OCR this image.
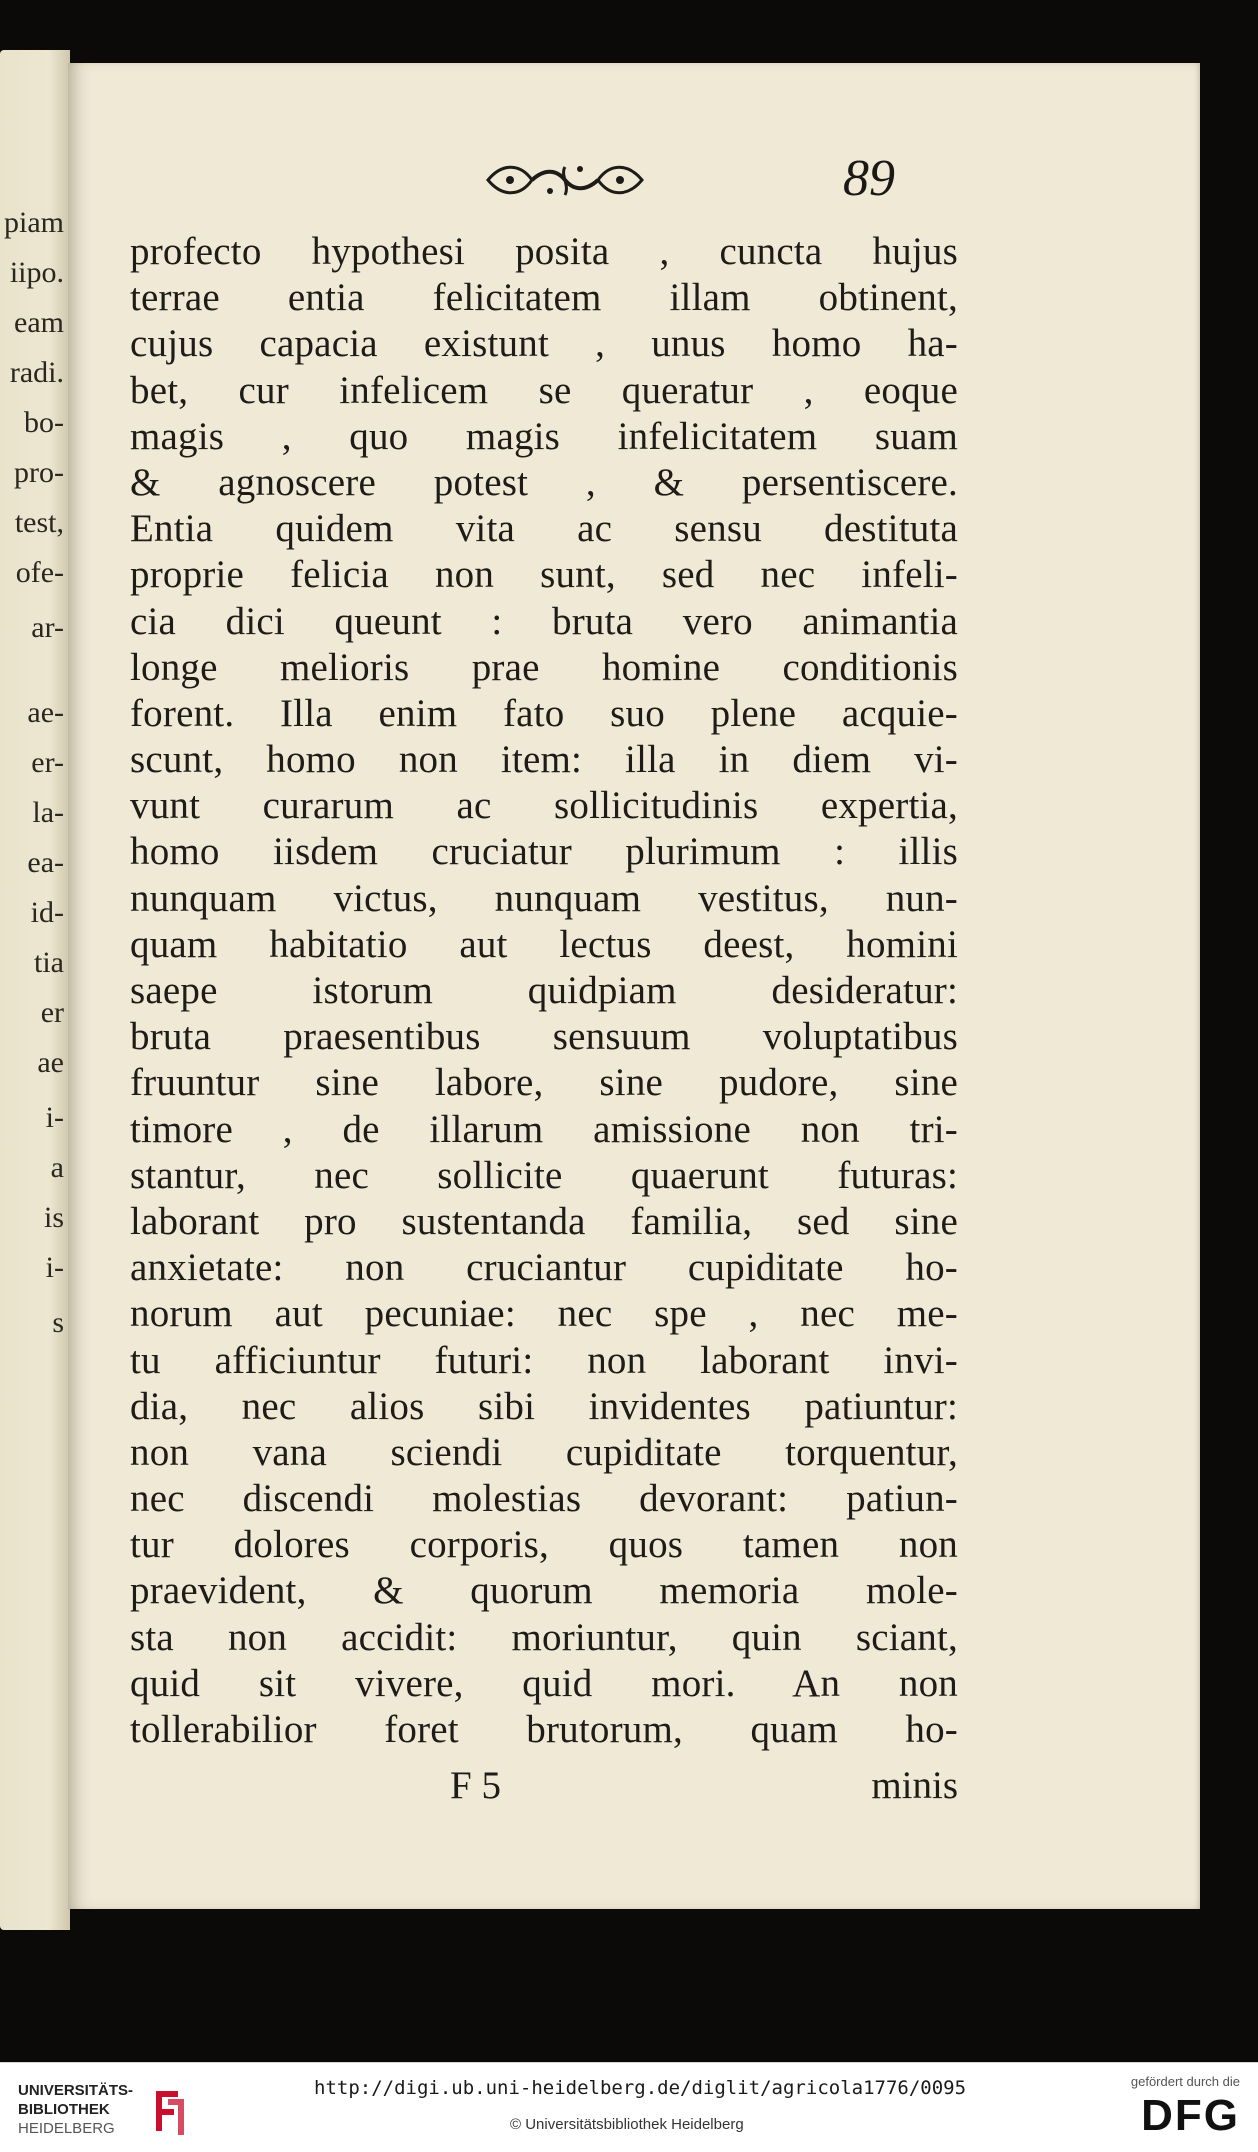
piam
iipo.
eam
radi.
bo-
pro-
test,
ofe-
ar-
ae-
er-
la-
ea-
id-
tia
er
ae
i-
a
is
i-
s
89
profecto hypothesi posita , cuncta hujus
terrae entia felicitatem illam obtinent,
cujus capacia existunt , unus homo ha-
bet, cur infelicem se queratur , eoque
magis , quo magis infelicitatem suam
& agnoscere potest , & persentiscere.
Entia quidem vita ac sensu destituta
proprie felicia non sunt, sed nec infeli-
cia dici queunt : bruta vero animantia
longe melioris prae homine conditionis
forent. Illa enim fato suo plene acquie-
scunt, homo non item: illa in diem vi-
vunt curarum ac sollicitudinis expertia,
homo iisdem cruciatur plurimum : illis
nunquam victus, nunquam vestitus, nun-
quam habitatio aut lectus deest, homini
saepe istorum quidpiam desideratur:
bruta praesentibus sensuum voluptatibus
fruuntur sine labore, sine pudore, sine
timore , de illarum amissione non tri-
stantur, nec sollicite quaerunt futuras:
laborant pro sustentanda familia, sed sine
anxietate: non cruciantur cupiditate ho-
norum aut pecuniae: nec spe , nec me-
tu afficiuntur futuri: non laborant invi-
dia, nec alios sibi invidentes patiuntur:
non vana sciendi cupiditate torquentur,
nec discendi molestias devorant: patiun-
tur dolores corporis, quos tamen non
praevident, & quorum memoria mole-
sta non accidit: moriuntur, quin sciant,
quid sit vivere, quid mori. An non
tollerabilior foret brutorum, quam ho-
F 5	minis
UNIVERSITÄTS-
BIBLIOTHEK
HEIDELBERG
http://digi.ub.uni-heidelberg.de/diglit/agricola1776/0095
© Universitätsbibliothek Heidelberg
gefördert durch die
DFG
